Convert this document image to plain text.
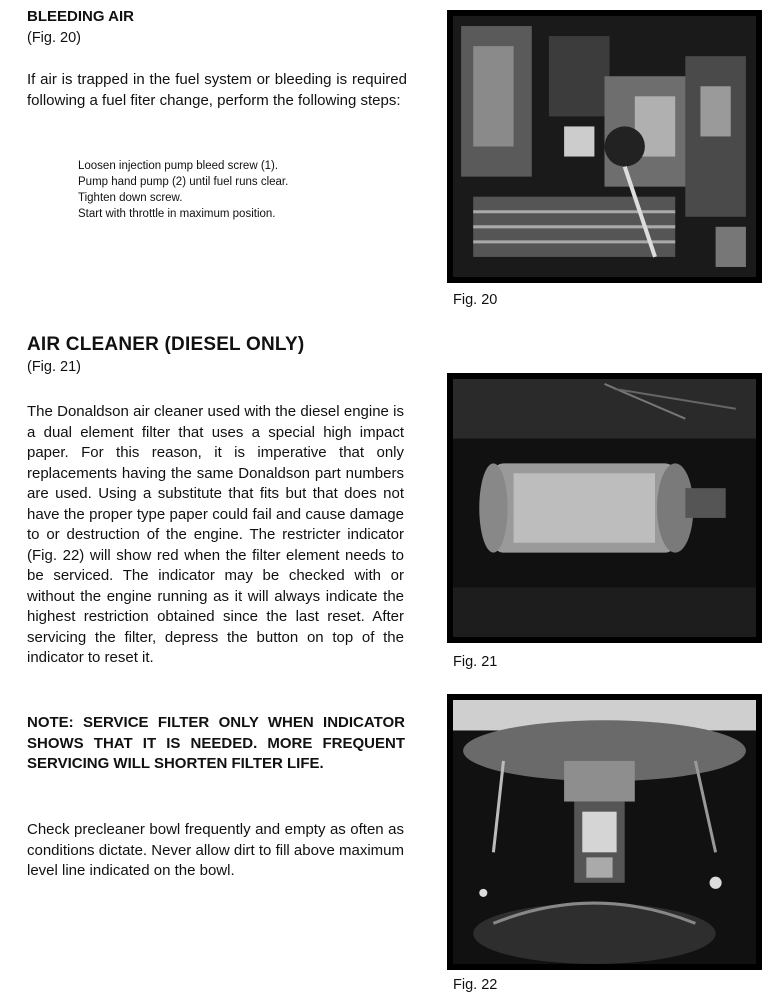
BLEEDING AIR
(Fig. 20)
If air is trapped in the fuel system or bleeding is required following a fuel fiter change, perform the following steps:
Loosen injection pump bleed screw (1).
Pump hand pump (2) until fuel runs clear.
Tighten down screw.
Start with throttle in maximum position.
AIR CLEANER (DIESEL ONLY)
(Fig. 21)
The Donaldson air cleaner used with the diesel engine is a dual element filter that uses a special high impact paper. For this reason, it is imperative that only replacements having the same Donaldson part numbers are used. Using a substitute that fits but that does not have the proper type paper could fail and cause damage to or destruction of the engine. The restricter indicator (Fig. 22) will show red when the filter element needs to be serviced. The indicator may be checked with or without the engine running as it will always indicate the highest restriction obtained since the last reset. After servicing the filter, depress the button on top of the indicator to reset it.
NOTE: SERVICE FILTER ONLY WHEN INDICATOR SHOWS THAT IT IS NEEDED. MORE FREQUENT SERVICING WILL SHORTEN FILTER LIFE.
Check precleaner bowl frequently and empty as often as conditions dictate. Never allow dirt to fill above maximum level line indicated on the bowl.
Fig. 20
Fig. 21
Fig. 22
